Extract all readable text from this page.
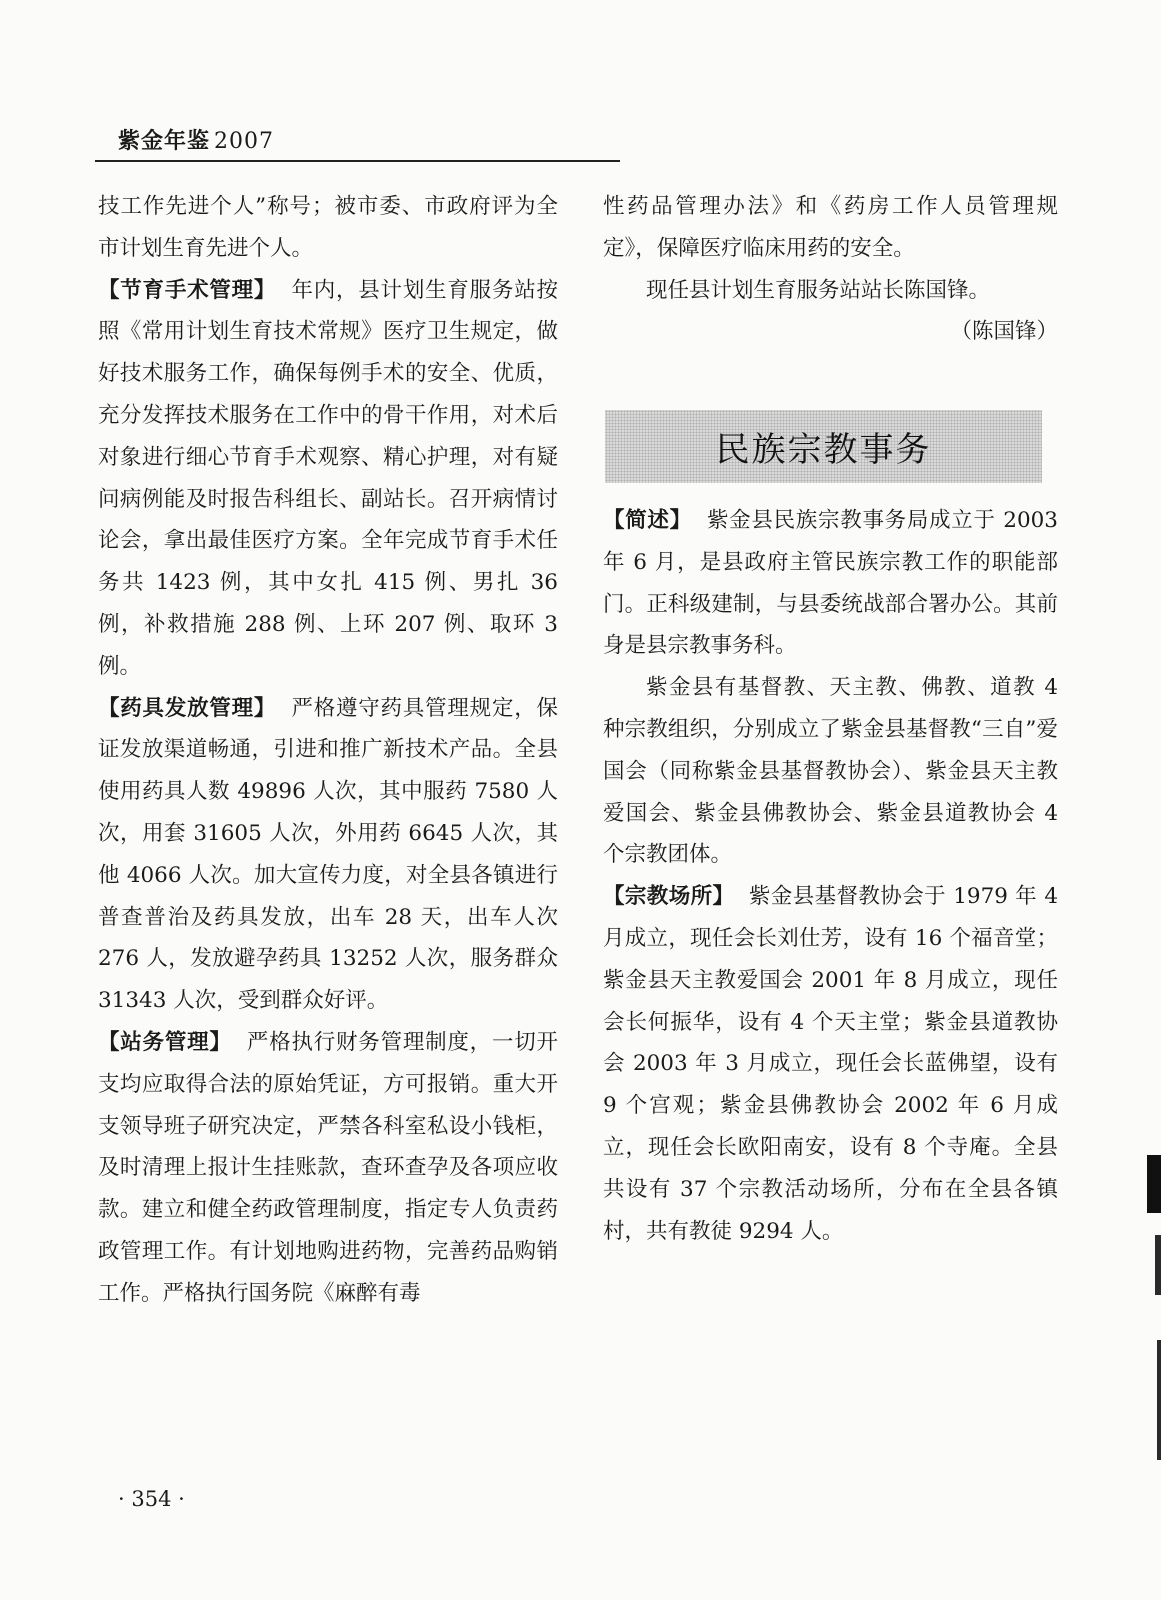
紫金年鉴 2007

技工作先进个人”称号；被市委、市政府评为全市计划生育先进个人。

【节育手术管理】 年内，县计划生育服务站按照《常用计划生育技术常规》医疗卫生规定，做好技术服务工作，确保每例手术的安全、优质，充分发挥技术服务在工作中的骨干作用，对术后对象进行细心节育手术观察、精心护理，对有疑问病例能及时报告科组长、副站长。召开病情讨论会，拿出最佳医疗方案。全年完成节育手术任务共 1423 例，其中女扎 415 例、男扎 36 例，补救措施 288 例、上环 207 例、取环 3 例。

【药具发放管理】 严格遵守药具管理规定，保证发放渠道畅通，引进和推广新技术产品。全县使用药具人数 49896 人次，其中服药 7580 人次，用套 31605 人次，外用药 6645 人次，其他 4066 人次。加大宣传力度，对全县各镇进行普查普治及药具发放，出车 28 天，出车人次 276 人，发放避孕药具 13252 人次，服务群众 31343 人次，受到群众好评。

【站务管理】 严格执行财务管理制度，一切开支均应取得合法的原始凭证，方可报销。重大开支领导班子研究决定，严禁各科室私设小钱柜，及时清理上报计生挂账款，查环查孕及各项应收款。建立和健全药政管理制度，指定专人负责药政管理工作。有计划地购进药物，完善药品购销工作。严格执行国务院《麻醉有毒

性药品管理办法》和《药房工作人员管理规定》，保障医疗临床用药的安全。

现任县计划生育服务站站长陈国锋。

（陈国锋）

民族宗教事务

【简述】 紫金县民族宗教事务局成立于 2003 年 6 月，是县政府主管民族宗教工作的职能部门。正科级建制，与县委统战部合署办公。其前身是县宗教事务科。

紫金县有基督教、天主教、佛教、道教 4 种宗教组织，分别成立了紫金县基督教“三自”爱国会（同称紫金县基督教协会）、紫金县天主教爱国会、紫金县佛教协会、紫金县道教协会 4 个宗教团体。

【宗教场所】 紫金县基督教协会于 1979 年 4 月成立，现任会长刘仕芳，设有 16 个福音堂；紫金县天主教爱国会 2001 年 8 月成立，现任会长何振华，设有 4 个天主堂；紫金县道教协会 2003 年 3 月成立，现任会长蓝佛望，设有 9 个宫观；紫金县佛教协会 2002 年 6 月成立，现任会长欧阳南安，设有 8 个寺庵。全县共设有 37 个宗教活动场所，分布在全县各镇村，共有教徒 9294 人。

· 354 ·
